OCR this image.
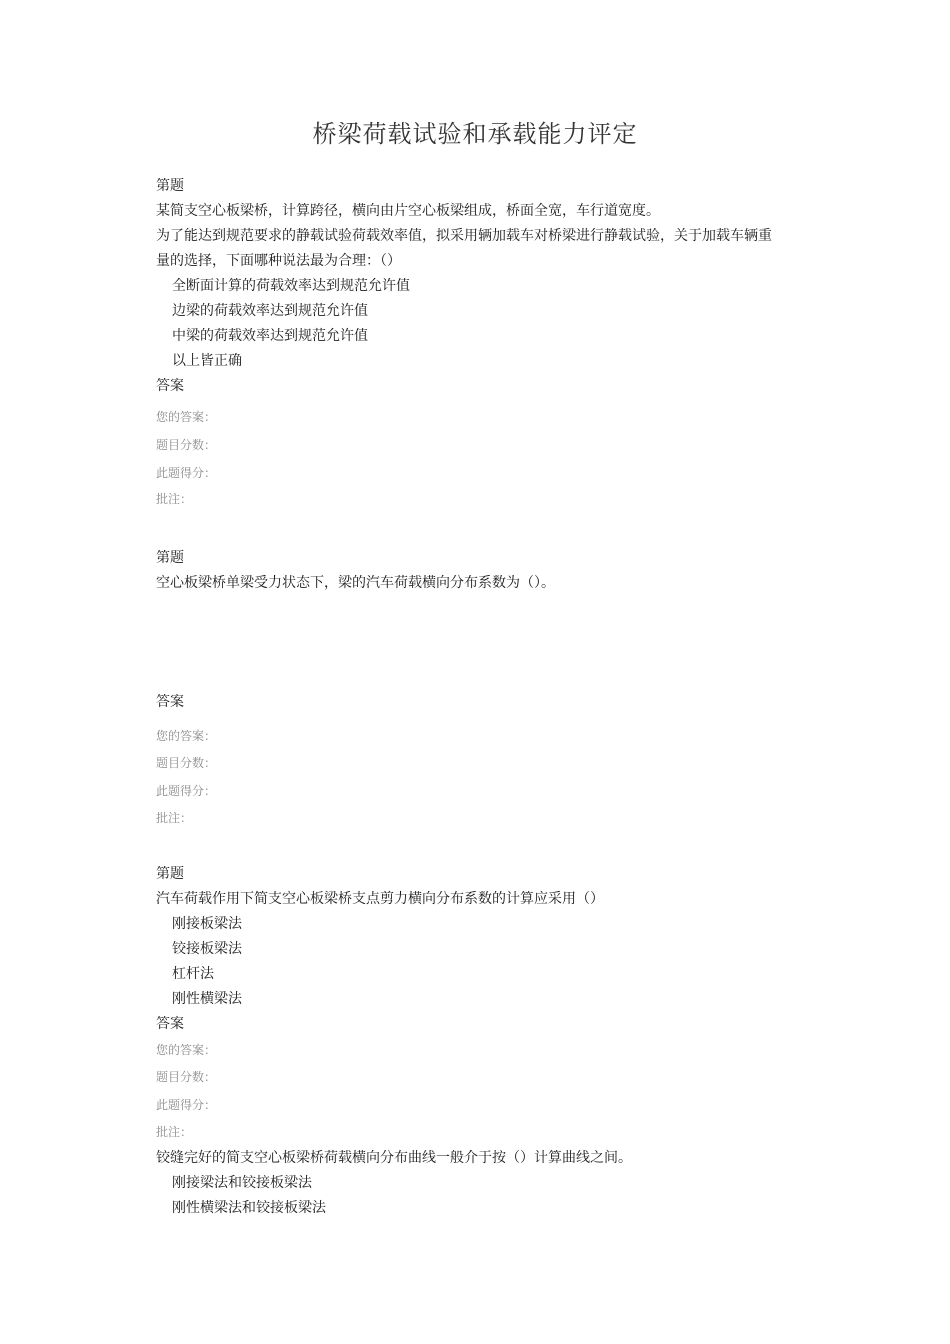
桥梁荷载试验和承载能力评定
第题
某简支空心板梁桥，计算跨径，横向由片空心板梁组成，桥面全宽，车行道宽度。
为了能达到规范要求的静载试验荷载效率值，拟采用辆加载车对桥梁进行静载试验，关于加载车辆重量的选择，下面哪种说法最为合理：（）
全断面计算的荷载效率达到规范允许值
边梁的荷载效率达到规范允许值
中梁的荷载效率达到规范允许值
以上皆正确
答案
您的答案：
题目分数：
此题得分：
批注：
第题
空心板梁桥单梁受力状态下，梁的汽车荷载横向分布系数为（）。
答案
您的答案：
题目分数：
此题得分：
批注：
第题
汽车荷载作用下简支空心板梁桥支点剪力横向分布系数的计算应采用（）
刚接板梁法
铰接板梁法
杠杆法
刚性横梁法
答案
您的答案：
题目分数：
此题得分：
批注：
铰缝完好的简支空心板梁桥荷载横向分布曲线一般介于按（）计算曲线之间。
刚接梁法和铰接板梁法
刚性横梁法和铰接板梁法
